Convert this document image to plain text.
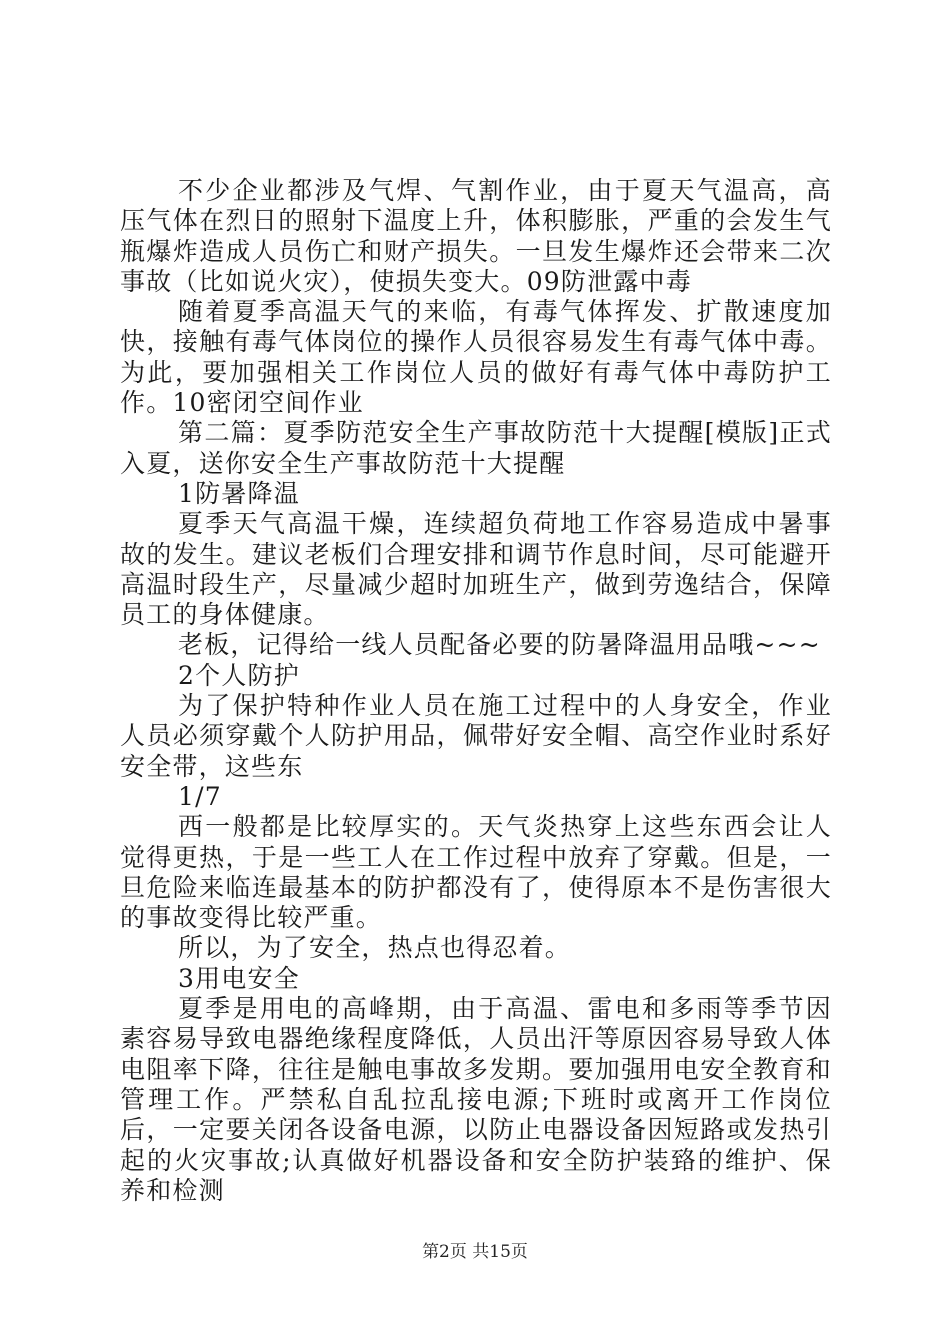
不少企业都涉及气焊、气割作业，由于夏天气温高，高压气体在烈日的照射下温度上升，体积膨胀，严重的会发生气瓶爆炸造成人员伤亡和财产损失。一旦发生爆炸还会带来二次事故（比如说火灾），使损失变大。09防泄露中毒

随着夏季高温天气的来临，有毒气体挥发、扩散速度加快，接触有毒气体岗位的操作人员很容易发生有毒气体中毒。为此，要加强相关工作岗位人员的做好有毒气体中毒防护工作。10密闭空间作业

第二篇：夏季防范安全生产事故防范十大提醒[模版]正式入夏，送你安全生产事故防范十大提醒

1防暑降温

夏季天气高温干燥，连续超负荷地工作容易造成中暑事故的发生。建议老板们合理安排和调节作息时间，尽可能避开高温时段生产，尽量减少超时加班生产，做到劳逸结合，保障员工的身体健康。

老板，记得给一线人员配备必要的防暑降温用品哦~~~

2个人防护

为了保护特种作业人员在施工过程中的人身安全，作业人员必须穿戴个人防护用品，佩带好安全帽、高空作业时系好安全带，这些东

1/7

西一般都是比较厚实的。天气炎热穿上这些东西会让人觉得更热，于是一些工人在工作过程中放弃了穿戴。但是，一旦危险来临连最基本的防护都没有了，使得原本不是伤害很大的事故变得比较严重。

所以，为了安全，热点也得忍着。

3用电安全

夏季是用电的高峰期，由于高温、雷电和多雨等季节因素容易导致电器绝缘程度降低，人员出汗等原因容易导致人体电阻率下降，往往是触电事故多发期。要加强用电安全教育和管理工作。严禁私自乱拉乱接电源;下班时或离开工作岗位后，一定要关闭各设备电源，以防止电器设备因短路或发热引起的火灾事故;认真做好机器设备和安全防护装臵的维护、保养和检测

第2页 共15页
